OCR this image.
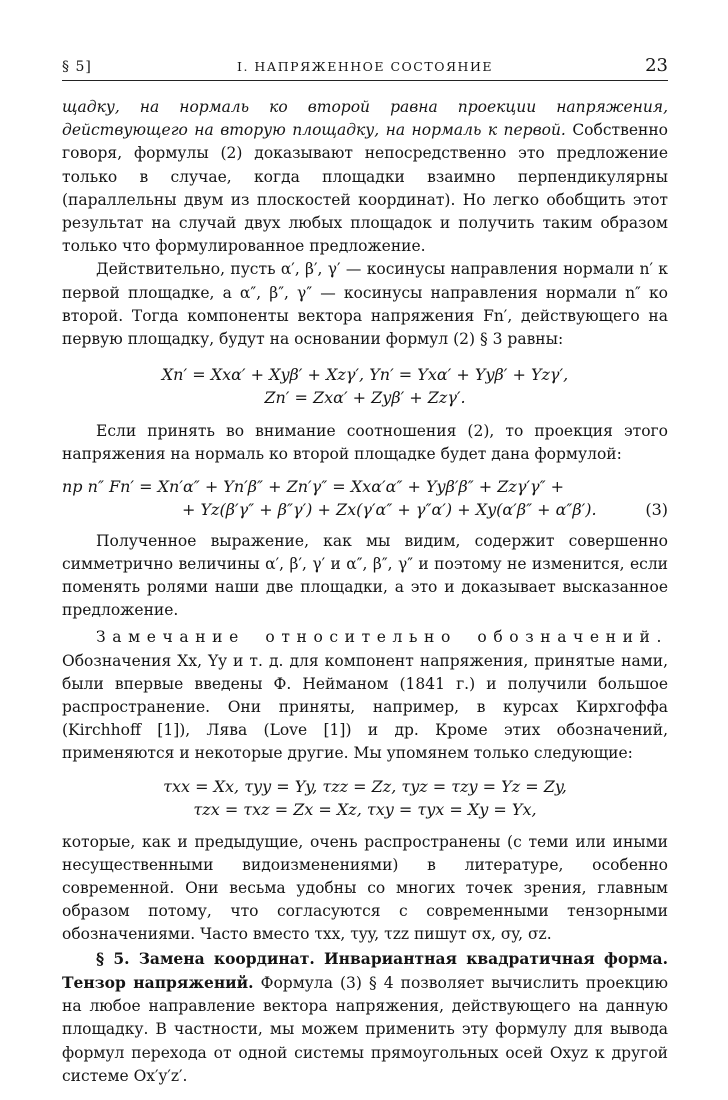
§ 5]	I. НАПРЯЖЕННОЕ СОСТОЯНИЕ	23

щадку, на нормаль ко второй равна проекции напряжения, действующего на вторую площадку, на нормаль к первой. Собственно говоря, формулы (2) доказывают непосредственно это предложение только в случае, когда площадки взаимно перпендикулярны (параллельны двум из плоскостей координат). Но легко обобщить этот результат на случай двух любых площадок и получить таким образом только что формулированное предложение.

Действительно, пусть α′, β′, γ′ — косинусы направления нормали n′ к первой площадке, а α″, β″, γ″ — косинусы направления нормали n″ ко второй. Тогда компоненты вектора напряжения Fn′, действующего на первую площадку, будут на основании формул (2) § 3 равны:

Xn′ = Xxα′ + Xyβ′ + Xzγ′, Yn′ = Yxα′ + Yyβ′ + Yzγ′,
Zn′ = Zxα′ + Zyβ′ + Zzγ′.

Если принять во внимание соотношения (2), то проекция этого напряжения на нормаль ко второй площадке будет дана формулой:

пр n″ Fn′ = Xn′α″ + Yn′β″ + Zn′γ″ = Xxα′α″ + Yyβ′β″ + Zzγ′γ″ +
+ Yz(β′γ″ + β″γ′) + Zx(γ′α″ + γ″α′) + Xy(α′β″ + α″β′).	(3)

Полученное выражение, как мы видим, содержит совершенно симметрично величины α′, β′, γ′ и α″, β″, γ″ и поэтому не изменится, если поменять ролями наши две площадки, а это и доказывает высказанное предложение.

Замечание относительно обозначений. Обозначения Xx, Yy и т. д. для компонент напряжения, принятые нами, были впервые введены Ф. Нейманом (1841 г.) и получили большое распространение. Они приняты, например, в курсах Кирхгоффа (Kirchhoff [1]), Лява (Love [1]) и др. Кроме этих обозначений, применяются и некоторые другие. Мы упомянем только следующие:

τxx = Xx, τyy = Yy, τzz = Zz, τyz = τzy = Yz = Zy,
τzx = τxz = Zx = Xz, τxy = τyx = Xy = Yx,

которые, как и предыдущие, очень распространены (с теми или иными несущественными видоизменениями) в литературе, особенно современной. Они весьма удобны со многих точек зрения, главным образом потому, что согласуются с современными тензорными обозначениями. Часто вместо τxx, τyy, τzz пишут σx, σy, σz.

§ 5. Замена координат. Инвариантная квадратичная форма. Тензор напряжений. Формула (3) § 4 позволяет вычислить проекцию на любое направление вектора напряжения, действующего на данную площадку. В частности, мы можем применить эту формулу для вывода формул перехода от одной системы прямоугольных осей Oxyz к другой системе Ox′y′z′.
